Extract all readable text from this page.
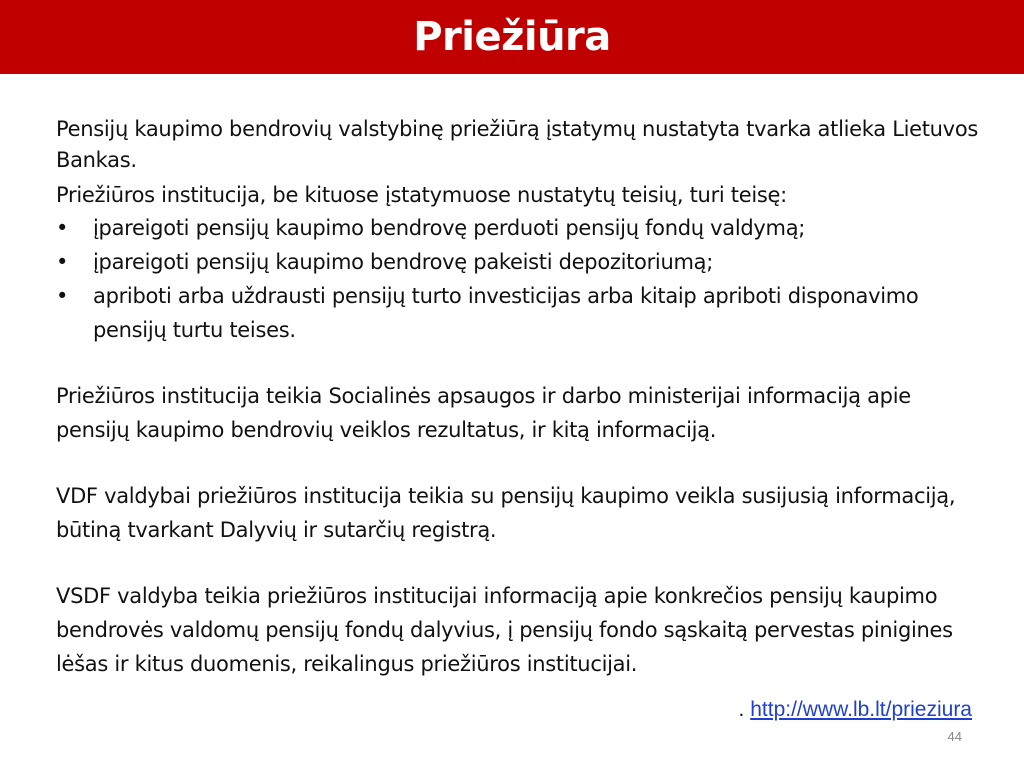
Priežiūra

Pensijų kaupimo bendrovių valstybinę priežiūrą įstatymų nustatyta tvarka atlieka Lietuvos Bankas.

Priežiūros institucija, be kituose įstatymuose nustatytų teisių, turi teisę:

• įpareigoti pensijų kaupimo bendrovę perduoti pensijų fondų valdymą;
• įpareigoti pensijų kaupimo bendrovę pakeisti depozitoriumą;
• apriboti arba uždrausti pensijų turto investicijas arba kitaip apriboti disponavimo pensijų turtu teises.

Priežiūros institucija teikia Socialinės apsaugos ir darbo ministerijai informaciją apie pensijų kaupimo bendrovių veiklos rezultatus, ir kitą informaciją.

VDF valdybai priežiūros institucija teikia su pensijų kaupimo veikla susijusią informaciją, būtiną tvarkant Dalyvių ir sutarčių registrą.

VSDF valdyba teikia priežiūros institucijai informaciją apie konkrečios pensijų kaupimo bendrovės valdomų pensijų fondų dalyvius, į pensijų fondo sąskaitą pervestas pinigines lėšas ir kitus duomenis, reikalingus priežiūros institucijai.

. http://www.lb.lt/prieziura
44
